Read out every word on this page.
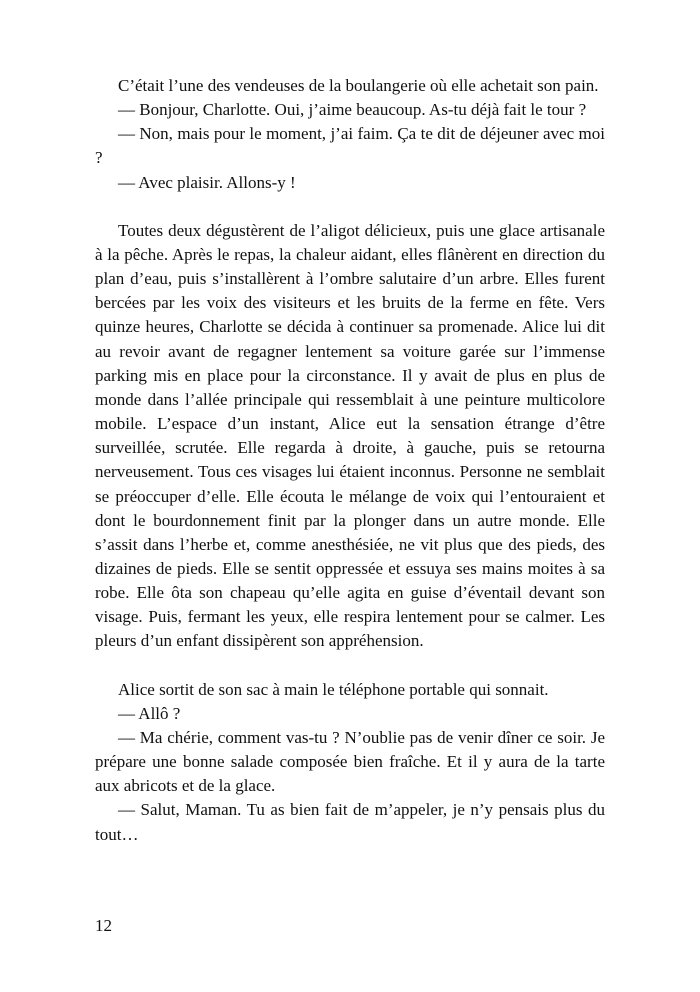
C’était l’une des vendeuses de la boulangerie où elle achetait son pain.

— Bonjour, Charlotte. Oui, j’aime beaucoup. As-tu déjà fait le tour ?

— Non, mais pour le moment, j’ai faim. Ça te dit de déjeuner avec moi ?

— Avec plaisir. Allons-y !

Toutes deux dégustèrent de l’aligot délicieux, puis une glace artisanale à la pêche. Après le repas, la chaleur aidant, elles flânèrent en direction du plan d’eau, puis s’installèrent à l’ombre salutaire d’un arbre. Elles furent bercées par les voix des visiteurs et les bruits de la ferme en fête. Vers quinze heures, Charlotte se décida à continuer sa promenade. Alice lui dit au revoir avant de regagner lentement sa voiture garée sur l’immense parking mis en place pour la circonstance. Il y avait de plus en plus de monde dans l’allée principale qui ressemblait à une peinture multicolore mobile. L’espace d’un instant, Alice eut la sensation étrange d’être surveillée, scrutée. Elle regarda à droite, à gauche, puis se retourna nerveusement. Tous ces visages lui étaient inconnus. Personne ne semblait se préoccuper d’elle. Elle écouta le mélange de voix qui l’entouraient et dont le bourdonnement finit par la plonger dans un autre monde. Elle s’assit dans l’herbe et, comme anesthésiée, ne vit plus que des pieds, des dizaines de pieds. Elle se sentit oppressée et essuya ses mains moites à sa robe. Elle ôta son chapeau qu’elle agita en guise d’éventail devant son visage. Puis, fermant les yeux, elle respira lentement pour se calmer. Les pleurs d’un enfant dissipèrent son appréhension.

Alice sortit de son sac à main le téléphone portable qui sonnait.

— Allô ?

— Ma chérie, comment vas-tu ? N’oublie pas de venir dîner ce soir. Je prépare une bonne salade composée bien fraîche. Et il y aura de la tarte aux abricots et de la glace.

— Salut, Maman. Tu as bien fait de m’appeler, je n’y pensais plus du tout…

12
